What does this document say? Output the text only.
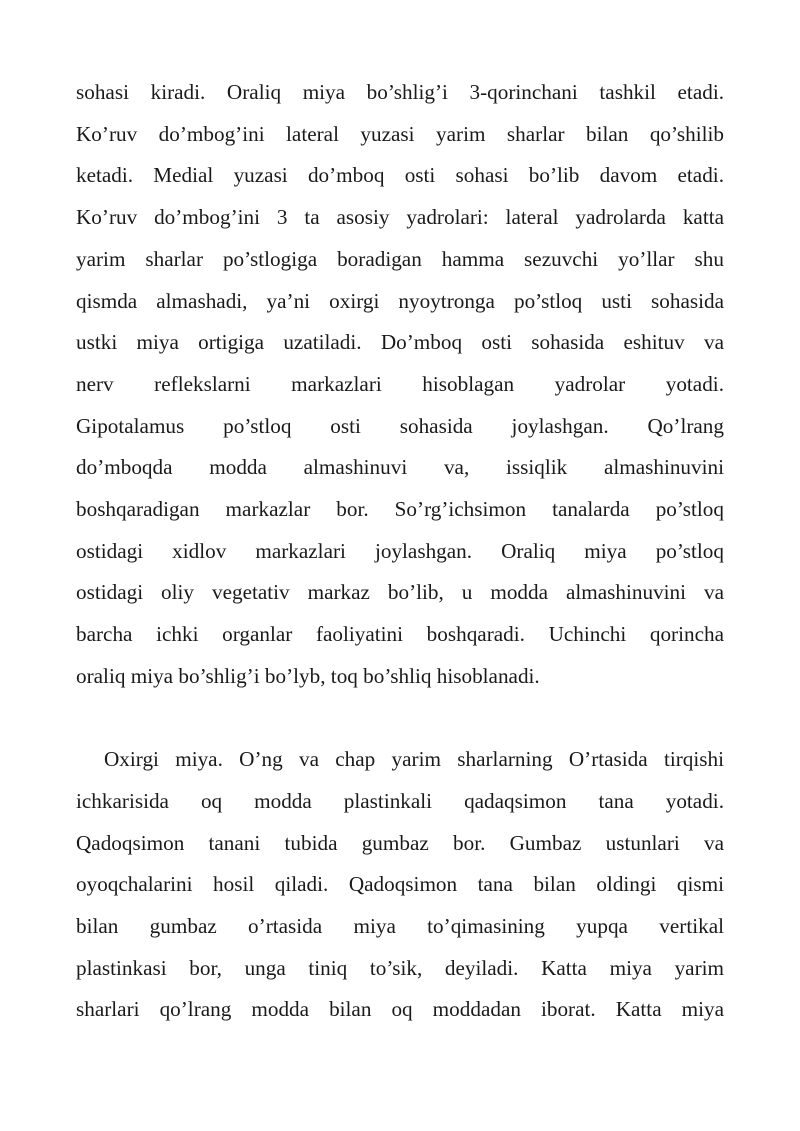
sohasi kiradi. Oraliq miya bo’shlig’i 3-qorinchani tashkil etadi.
Ko’ruv do’mbog’ini lateral yuzasi yarim sharlar bilan qo’shilib
ketadi. Medial yuzasi do’mboq osti sohasi bo’lib davom etadi.
Ko’ruv do’mbog’ini 3 ta asosiy yadrolari: lateral yadrolarda katta
yarim sharlar po’stlogiga boradigan hamma sezuvchi yo’llar shu
qismda almashadi, ya’ni oxirgi nyoytronga po’stloq usti sohasida
ustki miya ortigiga uzatiladi. Do’mboq osti sohasida eshituv va
nerv reflekslarni markazlari hisoblagan yadrolar yotadi.
Gipotalamus po’stloq osti sohasida joylashgan. Qo’lrang
do’mboqda modda almashinuvi va, issiqlik almashinuvini
boshqaradigan markazlar bor. So’rg’ichsimon tanalarda po’stloq
ostidagi xidlov markazlari joylashgan. Oraliq miya po’stloq
ostidagi oliy vegetativ markaz bo’lib, u modda almashinuvini va
barcha ichki organlar faoliyatini boshqaradi. Uchinchi qorincha
oraliq miya bo’shlig’i bo’lyb, toq bo’shliq hisoblanadi.

Oxirgi miya. O’ng va chap yarim sharlarning O’rtasida tirqishi
ichkarisida oq modda plastinkali qadaqsimon tana yotadi.
Qadoqsimon tanani tubida gumbaz bor. Gumbaz ustunlari va
oyoqchalarini hosil qiladi. Qadoqsimon tana bilan oldingi qismi
bilan gumbaz o’rtasida miya to’qimasining yupqa vertikal
plastinkasi bor, unga tiniq to’sik, deyiladi. Katta miya yarim
sharlari qo’lrang modda bilan oq moddadan iborat. Katta miya
